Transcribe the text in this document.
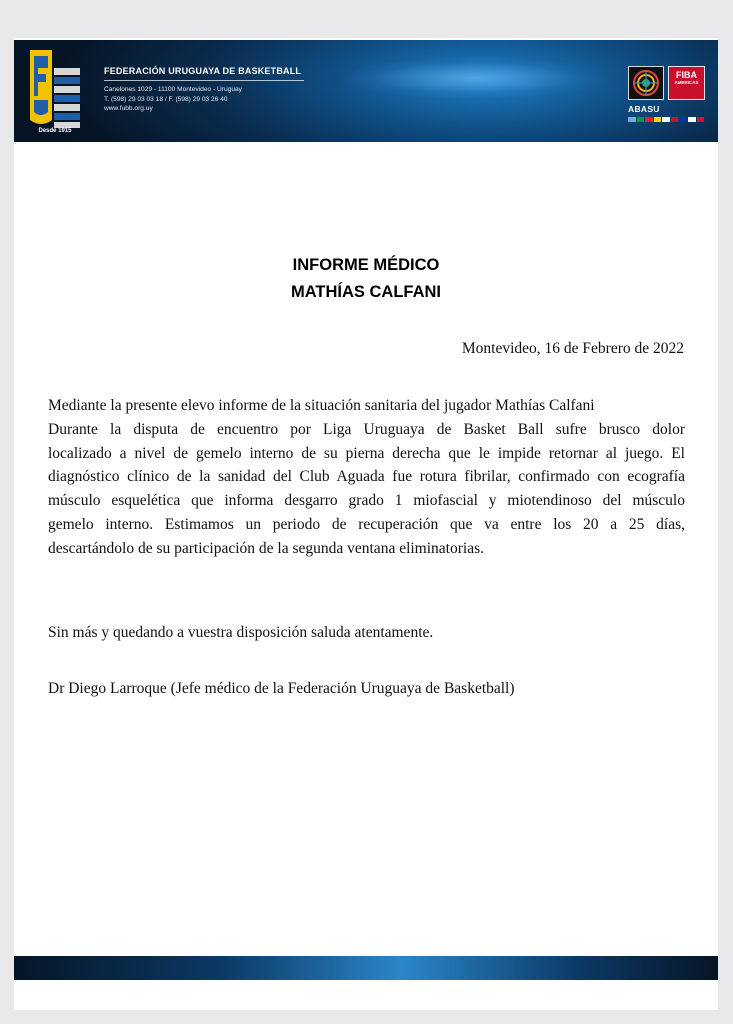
Desde 1915
FEDERACIÓN URUGUAYA DE BASKETBALL
Canelones 1029 - 11100 Montevideo - Uruguay
T. (598) 29 03 03 18 / F. (598) 29 03 26 40
www.fubb.org.uy
FIBA
AMERICAS
ABASU
INFORME MÉDICO
MATHÍAS CALFANI
Montevideo, 16 de Febrero de 2022
Mediante la presente elevo informe de la situación sanitaria del jugador Mathías Calfani
Durante la disputa de encuentro por Liga Uruguaya de Basket Ball sufre brusco dolor
localizado a nivel de gemelo interno de su pierna derecha que le impide retornar al juego. El
diagnóstico clínico de la sanidad del Club Aguada fue rotura fibrilar, confirmado con ecografía
músculo esquelética que informa desgarro grado 1 miofascial y miotendinoso del músculo
gemelo interno. Estimamos un periodo de recuperación que va entre los 20 a 25 días,
descartándolo de su participación de la segunda ventana eliminatorias.
Sin más y quedando a vuestra disposición saluda atentamente.
Dr Diego Larroque (Jefe médico de la Federación Uruguaya de Basketball)
